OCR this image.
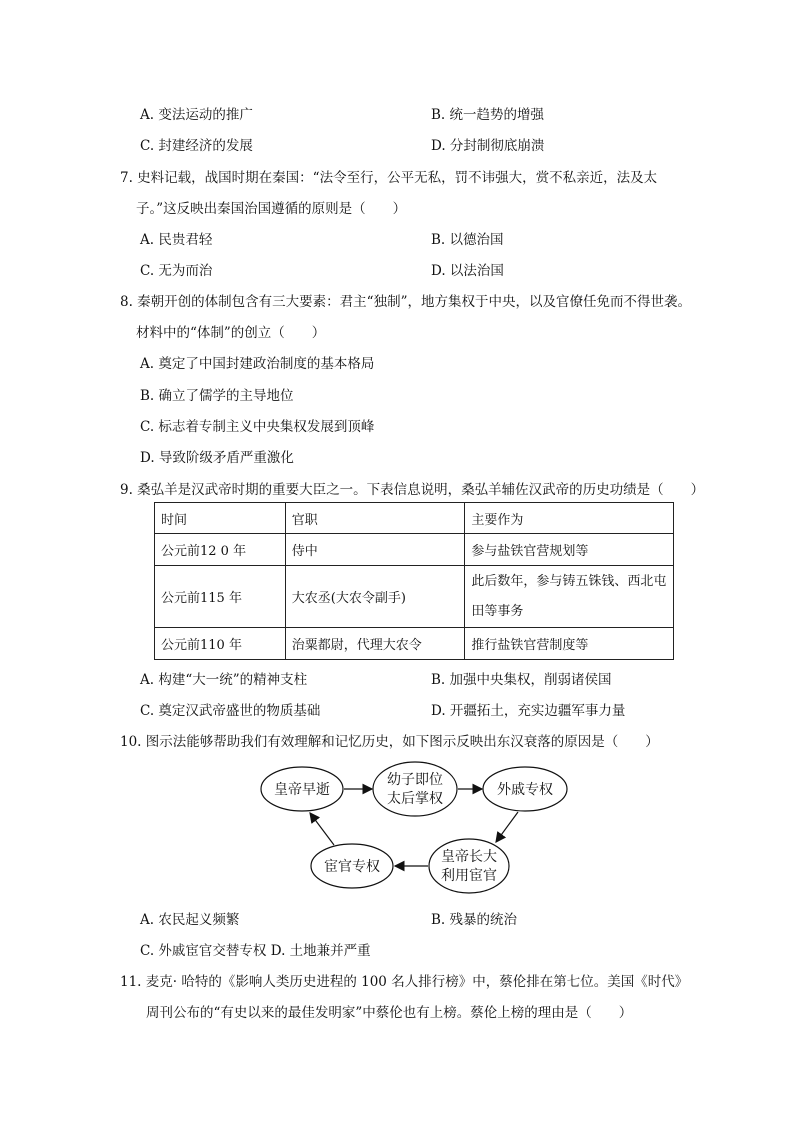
A. 变法运动的推广	B. 统一趋势的增强
C. 封建经济的发展	D. 分封制彻底崩溃
7. 史料记载，战国时期在秦国：“法令至行，公平无私，罚不讳强大，赏不私亲近，法及太
子。”这反映出秦国治国遵循的原则是（　　）
A. 民贵君轻	B. 以德治国
C. 无为而治	D. 以法治国
8. 秦朝开创的体制包含有三大要素：君主“独制”，地方集权于中央，以及官僚任免而不得世袭。
材料中的“体制”的创立（　　）
A. 奠定了中国封建政治制度的基本格局
B. 确立了儒学的主导地位
C. 标志着专制主义中央集权发展到顶峰
D. 导致阶级矛盾严重激化
9. 桑弘羊是汉武帝时期的重要大臣之一。下表信息说明，桑弘羊辅佐汉武帝的历史功绩是（　　）
时间	官职	主要作为
公元前12 0 年	侍中	参与盐铁官营规划等
公元前115 年	大农丞(大农令副手)	此后数年，参与铸五铢钱、西北屯田等事务
公元前110 年	治粟都尉，代理大农令	推行盐铁官营制度等
A. 构建“大一统”的精神支柱	B. 加强中央集权，削弱诸侯国
C. 奠定汉武帝盛世的物质基础	D. 开疆拓土，充实边疆军事力量
10. 图示法能够帮助我们有效理解和记忆历史，如下图示反映出东汉衰落的原因是（　　）
皇帝早逝
幼子即位
太后掌权
外戚专权
皇帝长大
利用宦官
宦官专权
A. 农民起义频繁	B. 残暴的统治
C. 外戚宦官交替专权 D. 土地兼并严重
11. 麦克· 哈特的《影响人类历史进程的 100 名人排行榜》中，蔡伦排在第七位。美国《时代》
周刊公布的“有史以来的最佳发明家”中蔡伦也有上榜。蔡伦上榜的理由是（　　）
